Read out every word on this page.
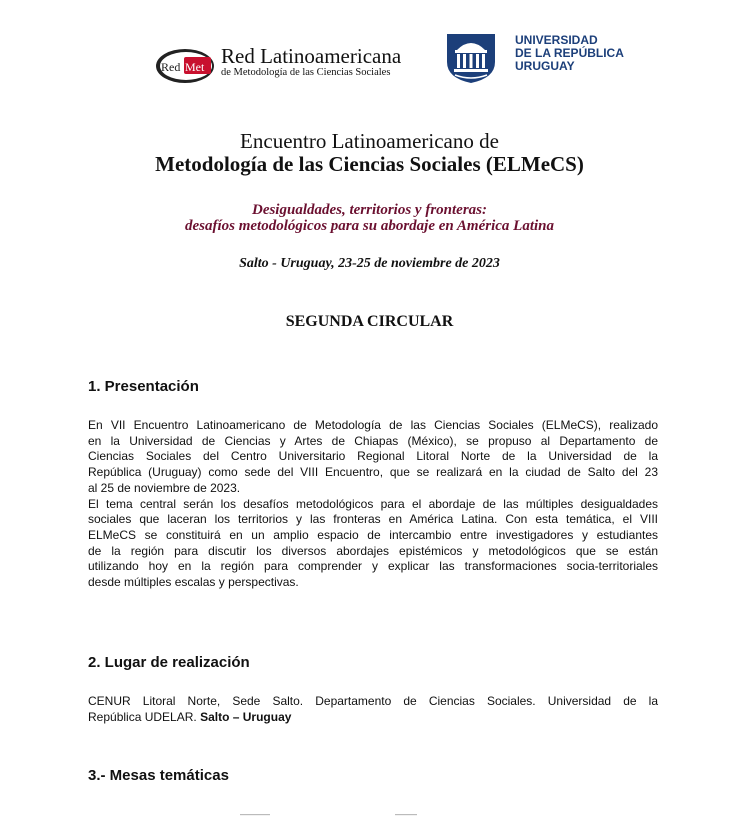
Red Met Red Latinoamericana
de Metodología de las Ciencias Sociales
UNIVERSIDAD
DE LA REPÚBLICA
URUGUAY
Encuentro Latinoamericano de
Metodología de las Ciencias Sociales (ELMeCS)
Desigualdades, territorios y fronteras:
desafíos metodológicos para su abordaje en América Latina
Salto - Uruguay, 23-25 de noviembre de 2023
SEGUNDA CIRCULAR
1. Presentación
En VII Encuentro Latinoamericano de Metodología de las Ciencias Sociales (ELMeCS), realizado
en la Universidad de Ciencias y Artes de Chiapas (México), se propuso al Departamento de
Ciencias Sociales del Centro Universitario Regional Litoral Norte de la Universidad de la
República (Uruguay) como sede del VIII Encuentro, que se realizará en la ciudad de Salto del 23
al 25 de noviembre de 2023.
El tema central serán los desafíos metodológicos para el abordaje de las múltiples desigualdades
sociales que laceran los territorios y las fronteras en América Latina. Con esta temática, el VIII
ELMeCS se constituirá en un amplio espacio de intercambio entre investigadores y estudiantes
de la región para discutir los diversos abordajes epistémicos y metodológicos que se están
utilizando hoy en la región para comprender y explicar las transformaciones socia-territoriales
desde múltiples escalas y perspectivas.
2. Lugar de realización
CENUR Litoral Norte, Sede Salto. Departamento de Ciencias Sociales. Universidad de la
República UDELAR. Salto – Uruguay
3.- Mesas temáticas
